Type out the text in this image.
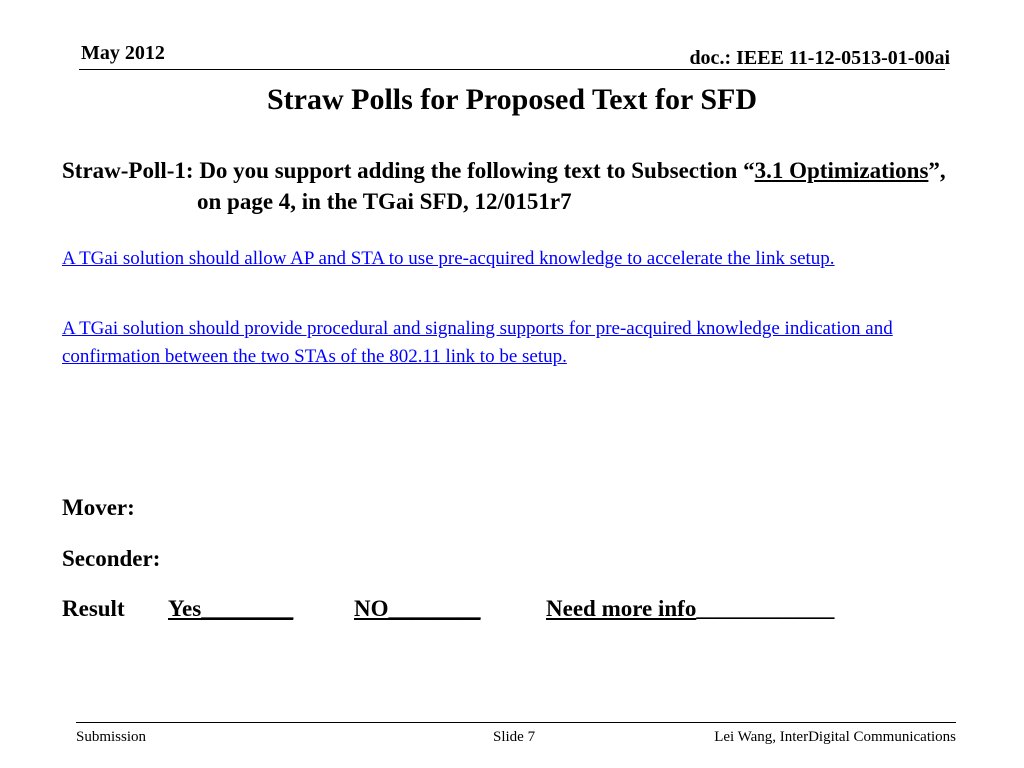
May 2012	doc.: IEEE 11-12-0513-01-00ai
Straw Polls for Proposed Text for SFD
Straw-Poll-1: Do you support adding the following text to Subsection “3.1 Optimizations”, on page 4, in the TGai SFD, 12/0151r7

A TGai solution should allow AP and STA to use pre-acquired knowledge to accelerate the link setup.

A TGai solution should provide procedural and signaling supports for pre-acquired knowledge indication and confirmation between the two STAs of the 802.11 link to be setup.

Mover:
Seconder:

Result

Yes________

	NO________

	Need more info____________

Submission	Slide 7	Lei Wang, InterDigital Communications
